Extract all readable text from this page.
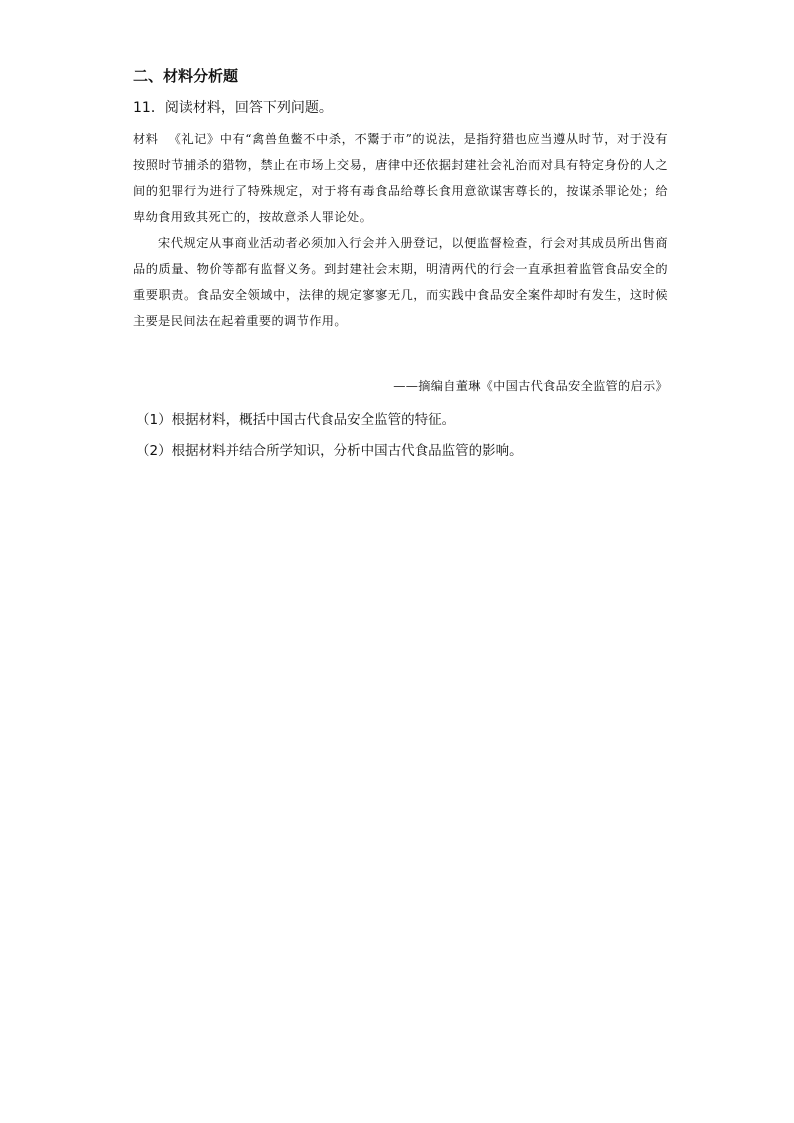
二、材料分析题
11．阅读材料，回答下列问题。

材料 《礼记》中有“禽兽鱼鳖不中杀，不鬻于市”的说法，是指狩猎也应当遵从时节，对于没有按照时节捕杀的猎物，禁止在市场上交易，唐律中还依据封建社会礼治而对具有特定身份的人之间的犯罪行为进行了特殊规定，对于将有毒食品给尊长食用意欲谋害尊长的，按谋杀罪论处；给卑幼食用致其死亡的，按故意杀人罪论处。

宋代规定从事商业活动者必须加入行会并入册登记，以便监督检查，行会对其成员所出售商品的质量、物价等都有监督义务。到封建社会末期，明清两代的行会一直承担着监管食品安全的重要职责。食品安全领域中，法律的规定寥寥无几，而实践中食品安全案件却时有发生，这时候主要是民间法在起着重要的调节作用。

——摘编自董琳《中国古代食品安全监管的启示》
（1）根据材料，概括中国古代食品安全监管的特征。
（2）根据材料并结合所学知识，分析中国古代食品监管的影响。
